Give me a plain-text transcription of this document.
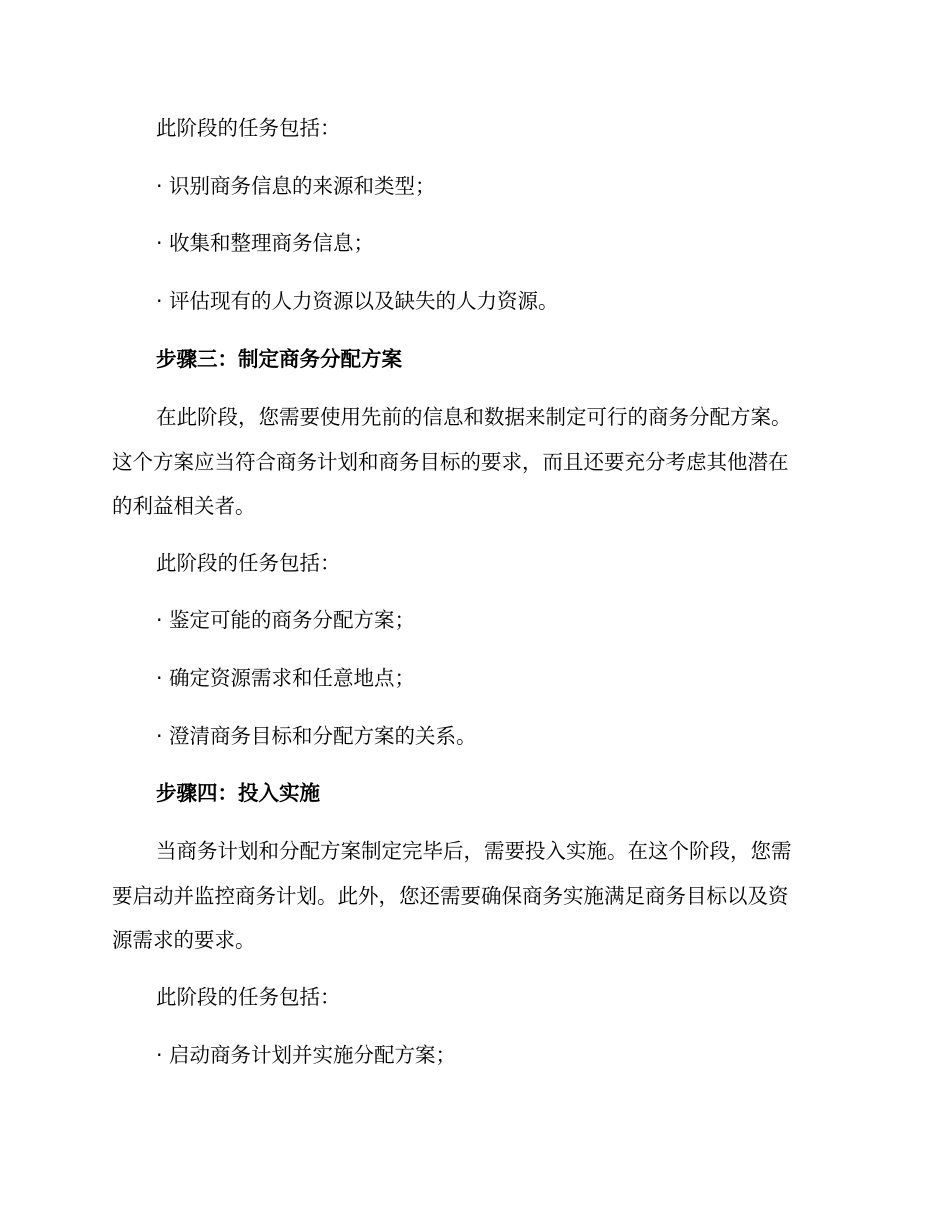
此阶段的任务包括：
· 识别商务信息的来源和类型；
· 收集和整理商务信息；
· 评估现有的人力资源以及缺失的人力资源。
步骤三：制定商务分配方案
在此阶段，您需要使用先前的信息和数据来制定可行的商务分配方案。
这个方案应当符合商务计划和商务目标的要求，而且还要充分考虑其他潜在
的利益相关者。
此阶段的任务包括：
· 鉴定可能的商务分配方案；
· 确定资源需求和任意地点；
· 澄清商务目标和分配方案的关系。
步骤四：投入实施
当商务计划和分配方案制定完毕后，需要投入实施。在这个阶段，您需
要启动并监控商务计划。此外，您还需要确保商务实施满足商务目标以及资
源需求的要求。
此阶段的任务包括：
· 启动商务计划并实施分配方案；
